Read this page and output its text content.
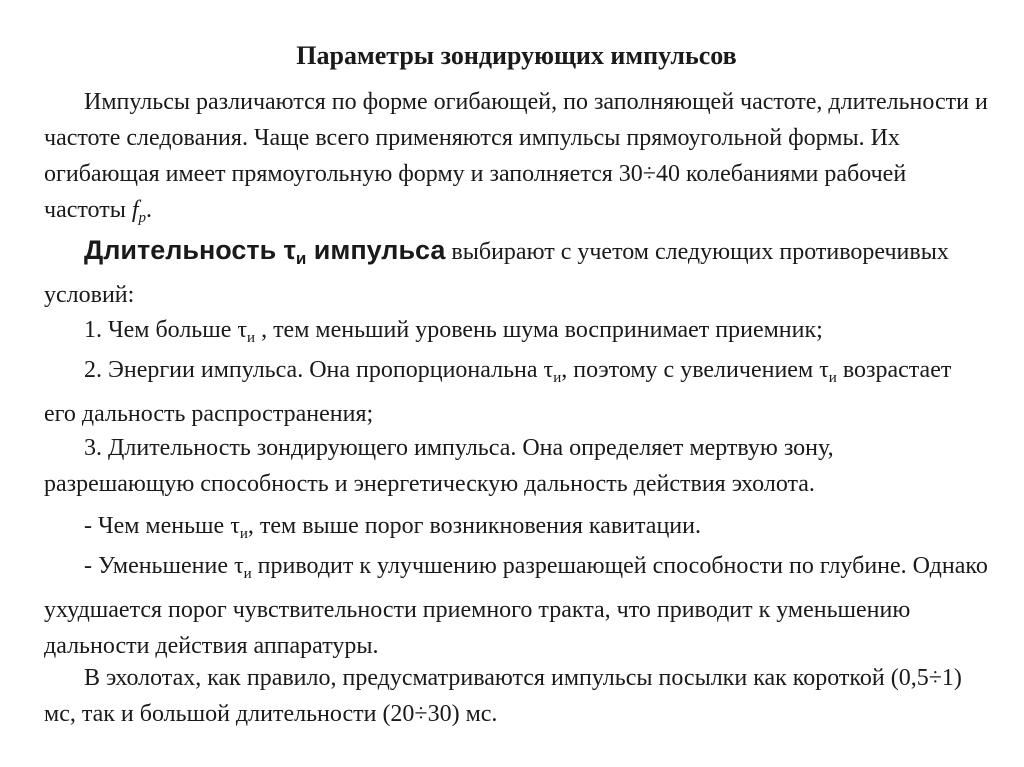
Параметры зондирующих импульсов
Импульсы различаются по форме огибающей, по заполняющей частоте, длительности и частоте следования. Чаще всего применяются импульсы прямоугольной формы. Их огибающая имеет прямоугольную форму и заполняется 30÷40 колебаниями рабочей частоты $f_p$.
Длительность $\tau_и$ импульса выбирают с учетом следующих противоречивых условий:
1. Чем больше $\tau_и$ , тем меньший уровень шума воспринимает приемник;
2. Энергии импульса. Она пропорциональна $\tau_и$, поэтому с увеличением $\tau_и$ возрастает его дальность распространения;
3. Длительность зондирующего импульса. Она определяет мертвую зону, разрешающую способность и энергетическую дальность действия эхолота.
- Чем меньше $\tau_и$, тем выше порог возникновения кавитации.
- Уменьшение $\tau_и$ приводит к улучшению разрешающей способности по глубине. Однако ухудшается порог чувствительности приемного тракта, что приводит к уменьшению дальности действия аппаратуры.
В эхолотах, как правило, предусматриваются импульсы посылки как короткой (0,5÷1) мс, так и большой длительности (20÷30) мс.
